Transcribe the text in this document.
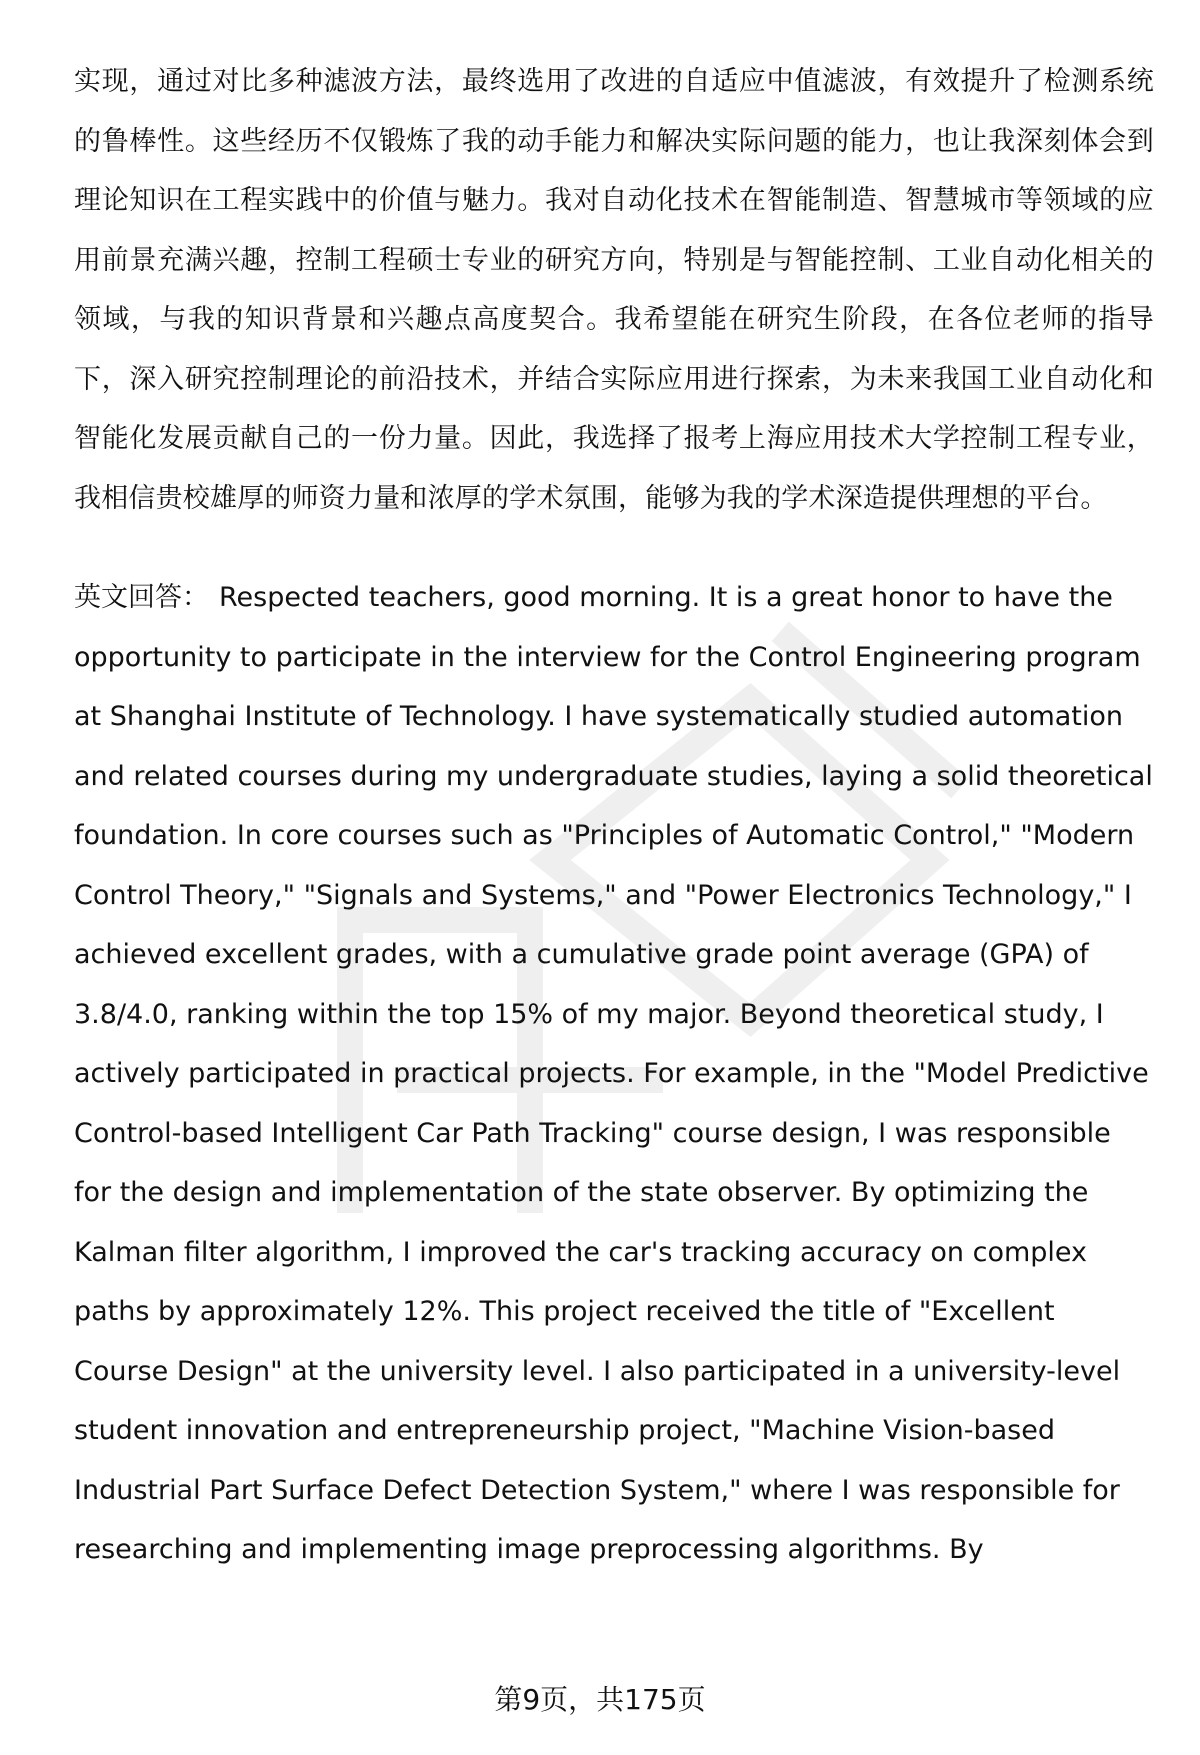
实现，通过对比多种滤波方法，最终选用了改进的自适应中值滤波，有效提升了检测系统的鲁棒性。这些经历不仅锻炼了我的动手能力和解决实际问题的能力，也让我深刻体会到理论知识在工程实践中的价值与魅力。我对自动化技术在智能制造、智慧城市等领域的应用前景充满兴趣，控制工程硕士专业的研究方向，特别是与智能控制、工业自动化相关的领域，与我的知识背景和兴趣点高度契合。我希望能在研究生阶段，在各位老师的指导下，深入研究控制理论的前沿技术，并结合实际应用进行探索，为未来我国工业自动化和智能化发展贡献自己的一份力量。因此，我选择了报考上海应用技术大学控制工程专业，我相信贵校雄厚的师资力量和浓厚的学术氛围，能够为我的学术深造提供理想的平台。

英文回答： Respected teachers, good morning. It is a great honor to have the opportunity to participate in the interview for the Control Engineering program at Shanghai Institute of Technology. I have systematically studied automation and related courses during my undergraduate studies, laying a solid theoretical foundation. In core courses such as "Principles of Automatic Control," "Modern Control Theory," "Signals and Systems," and "Power Electronics Technology," I achieved excellent grades, with a cumulative grade point average (GPA) of 3.8/4.0, ranking within the top 15% of my major. Beyond theoretical study, I actively participated in practical projects. For example, in the "Model Predictive Control-based Intelligent Car Path Tracking" course design, I was responsible for the design and implementation of the state observer. By optimizing the Kalman filter algorithm, I improved the car's tracking accuracy on complex paths by approximately 12%. This project received the title of "Excellent Course Design" at the university level. I also participated in a university-level student innovation and entrepreneurship project, "Machine Vision-based Industrial Part Surface Defect Detection System," where I was responsible for researching and implementing image preprocessing algorithms. By

第9页，共175页
